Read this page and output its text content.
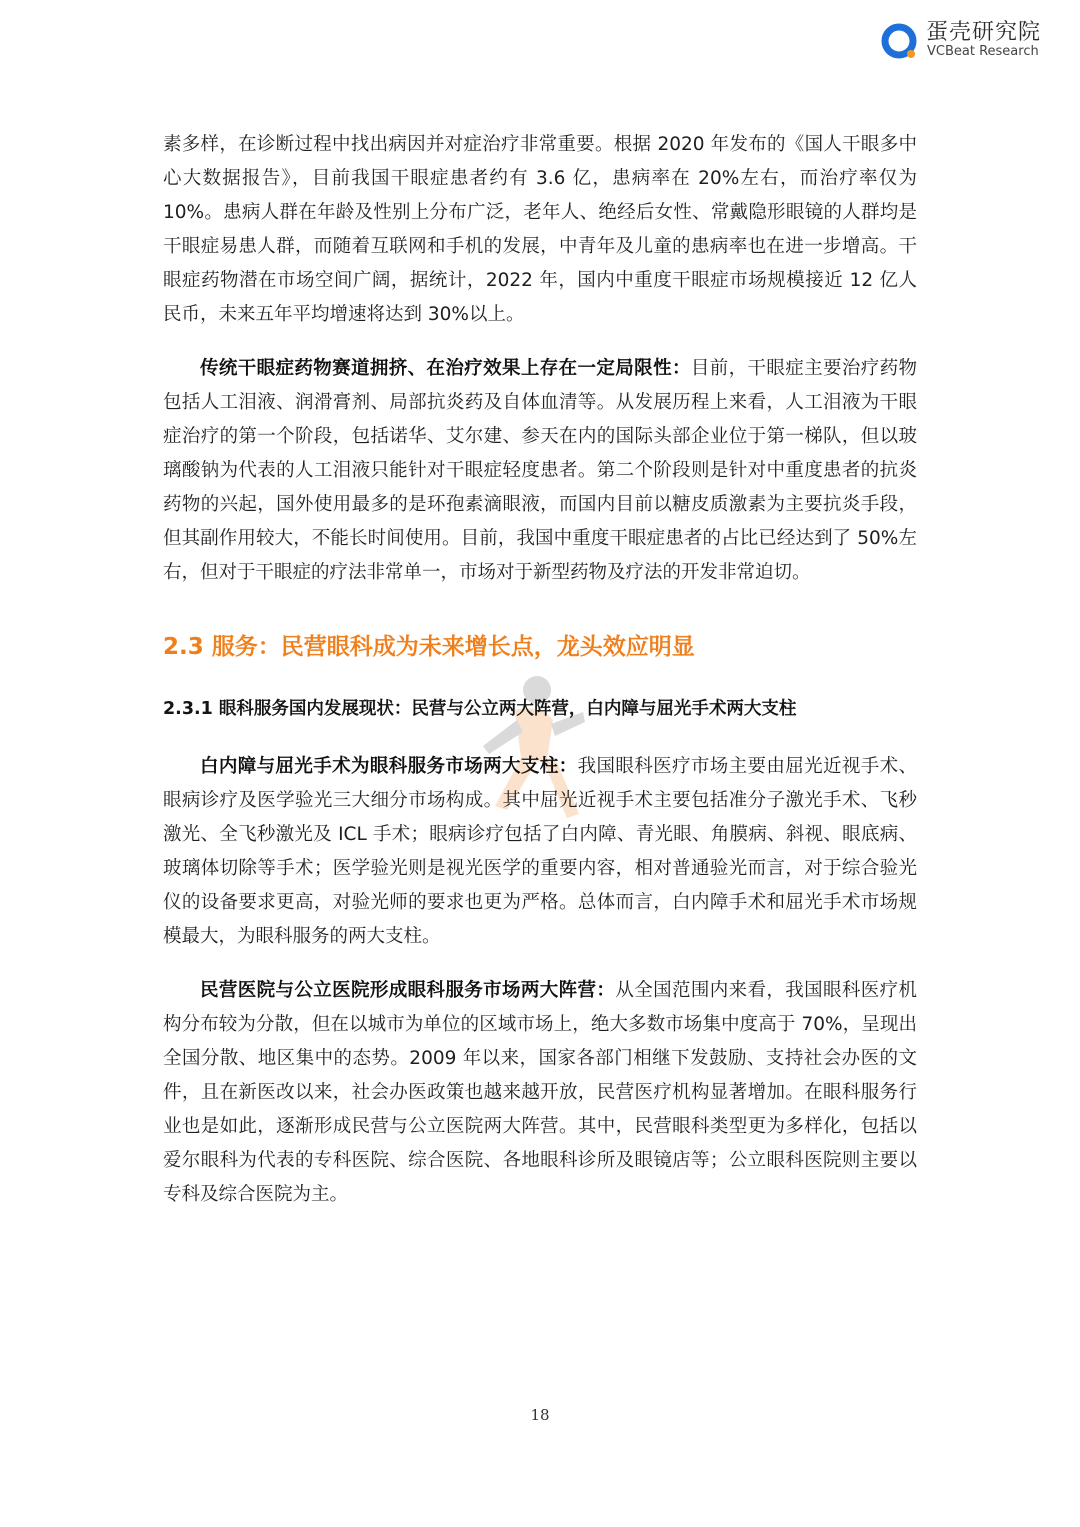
蛋壳研究院
VCBeat Research

素多样，在诊断过程中找出病因并对症治疗非常重要。根据 2020 年发布的《国人干眼多中心大数据报告》，目前我国干眼症患者约有 3.6 亿，患病率在 20%左右，而治疗率仅为 10%。患病人群在年龄及性别上分布广泛，老年人、绝经后女性、常戴隐形眼镜的人群均是干眼症易患人群，而随着互联网和手机的发展，中青年及儿童的患病率也在进一步增高。干眼症药物潜在市场空间广阔，据统计，2022 年，国内中重度干眼症市场规模接近 12 亿人民币，未来五年平均增速将达到 30%以上。

传统干眼症药物赛道拥挤、在治疗效果上存在一定局限性：目前，干眼症主要治疗药物包括人工泪液、润滑膏剂、局部抗炎药及自体血清等。从发展历程上来看，人工泪液为干眼症治疗的第一个阶段，包括诺华、艾尔建、参天在内的国际头部企业位于第一梯队，但以玻璃酸钠为代表的人工泪液只能针对干眼症轻度患者。第二个阶段则是针对中重度患者的抗炎药物的兴起，国外使用最多的是环孢素滴眼液，而国内目前以糖皮质激素为主要抗炎手段，但其副作用较大，不能长时间使用。目前，我国中重度干眼症患者的占比已经达到了 50%左右，但对于干眼症的疗法非常单一，市场对于新型药物及疗法的开发非常迫切。

2.3 服务：民营眼科成为未来增长点，龙头效应明显
2.3.1 眼科服务国内发展现状：民营与公立两大阵营，白内障与屈光手术两大支柱

白内障与屈光手术为眼科服务市场两大支柱：我国眼科医疗市场主要由屈光近视手术、眼病诊疗及医学验光三大细分市场构成。其中屈光近视手术主要包括准分子激光手术、飞秒激光、全飞秒激光及 ICL 手术；眼病诊疗包括了白内障、青光眼、角膜病、斜视、眼底病、玻璃体切除等手术；医学验光则是视光医学的重要内容，相对普通验光而言，对于综合验光仪的设备要求更高，对验光师的要求也更为严格。总体而言，白内障手术和屈光手术市场规模最大，为眼科服务的两大支柱。

民营医院与公立医院形成眼科服务市场两大阵营：从全国范围内来看，我国眼科医疗机构分布较为分散，但在以城市为单位的区域市场上，绝大多数市场集中度高于 70%，呈现出全国分散、地区集中的态势。2009 年以来，国家各部门相继下发鼓励、支持社会办医的文件，且在新医改以来，社会办医政策也越来越开放，民营医疗机构显著增加。在眼科服务行业也是如此，逐渐形成民营与公立医院两大阵营。其中，民营眼科类型更为多样化，包括以爱尔眼科为代表的专科医院、综合医院、各地眼科诊所及眼镜店等；公立眼科医院则主要以专科及综合医院为主。

18
